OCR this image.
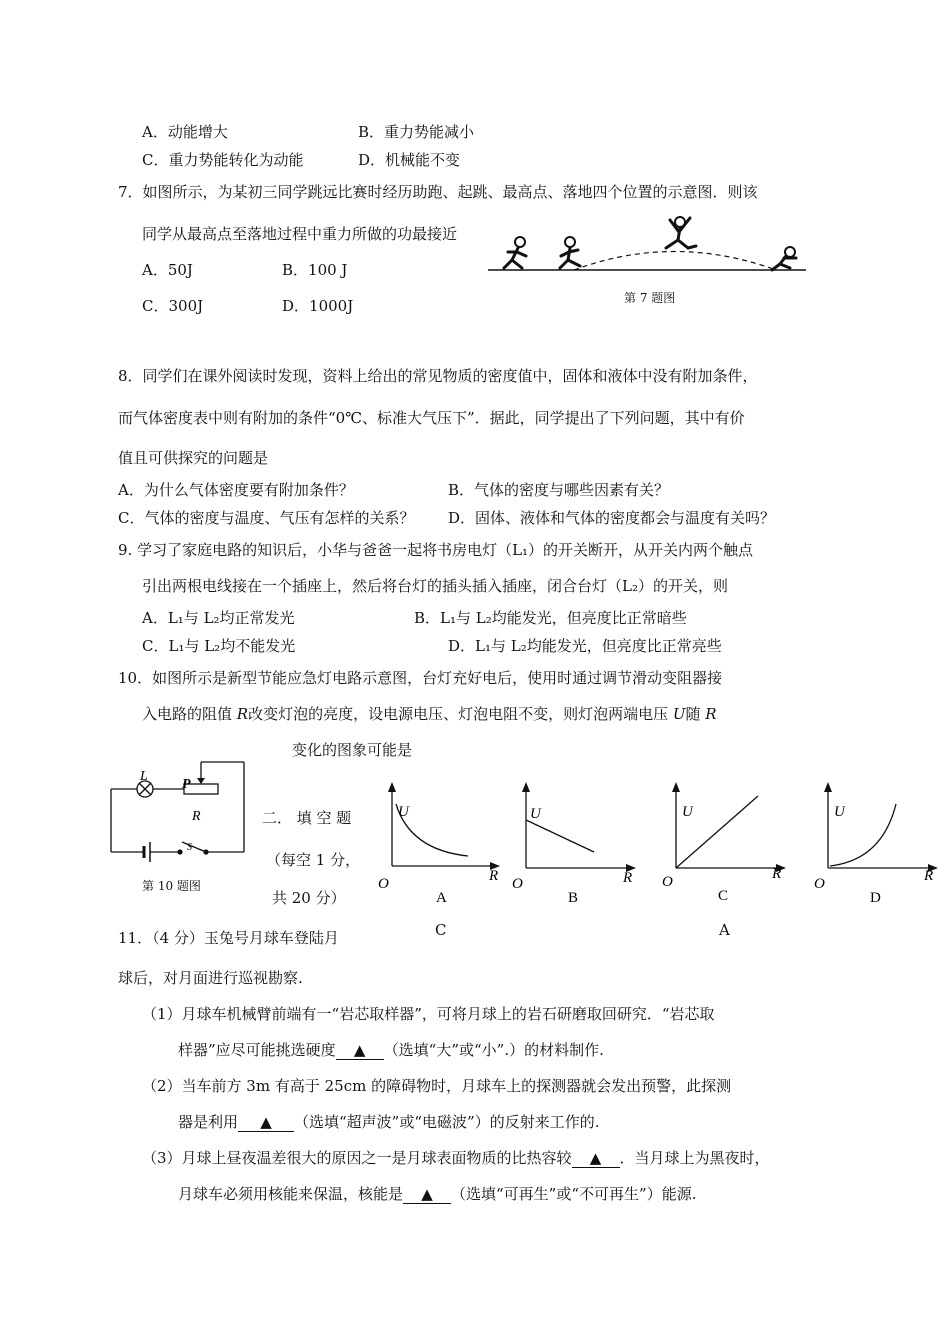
A．动能增大	B．重力势能减小
C．重力势能转化为动能	D．机械能不变
7．如图所示，为某初三同学跳远比赛时经历助跑、起跳、最高点、落地四个位置的示意图．则该
同学从最高点至落地过程中重力所做的功最接近
A．50J	B．100 J
C．300J	D．1000J	第 7 题图
8．同学们在课外阅读时发现，资料上给出的常见物质的密度值中，固体和液体中没有附加条件，
而气体密度表中则有附加的条件“0℃、标准大气压下”．据此，同学提出了下列问题，其中有价
值且可供探究的问题是
A．为什么气体密度要有附加条件？	B．气体的密度与哪些因素有关？
C．气体的密度与温度、气压有怎样的关系？ D．固体、液体和气体的密度都会与温度有关吗？
9. 学习了家庭电路的知识后，小华与爸爸一起将书房电灯（L₁）的开关断开，从开关内两个触点
引出两根电线接在一个插座上，然后将台灯的插头插入插座，闭合台灯（L₂）的开关，则
A．L₁与 L₂均正常发光	B．L₁与 L₂均能发光，但亮度比正常暗些
C．L₁与 L₂均不能发光	D．L₁与 L₂均能发光，但亮度比正常亮些
10．如图所示是新型节能应急灯电路示意图，台灯充好电后，使用时通过调节滑动变阻器接
入电路的阻值 R改变灯泡的亮度，设电源电压、灯泡电阻不变，则灯泡两端电压 U随 R
变化的图象可能是
L
P
R
S
第 10 题图
二． 填 空 题
（每空 1 分，
共 20 分）
U
R
O
A
U
R
O
B
U
R
O
C
U
R
O
D
C	A
11．（4 分）玉兔号月球车登陆月
球后，对月面进行巡视勘察.
（1）月球车机械臂前端有一“岩芯取样器”，可将月球上的岩石研磨取回研究．“岩芯取
样器”应尽可能挑选硬度 ▲ （选填“大”或“小”.）的材料制作.
（2）当车前方 3m 有高于 25cm 的障碍物时，月球车上的探测器就会发出预警，此探测
器是利用 ▲ （选填“超声波”或“电磁波”）的反射来工作的.
（3）月球上昼夜温差很大的原因之一是月球表面物质的比热容较 ▲ ．当月球上为黑夜时，
月球车必须用核能来保温，核能是 ▲ （选填“可再生”或“不可再生”）能源.
